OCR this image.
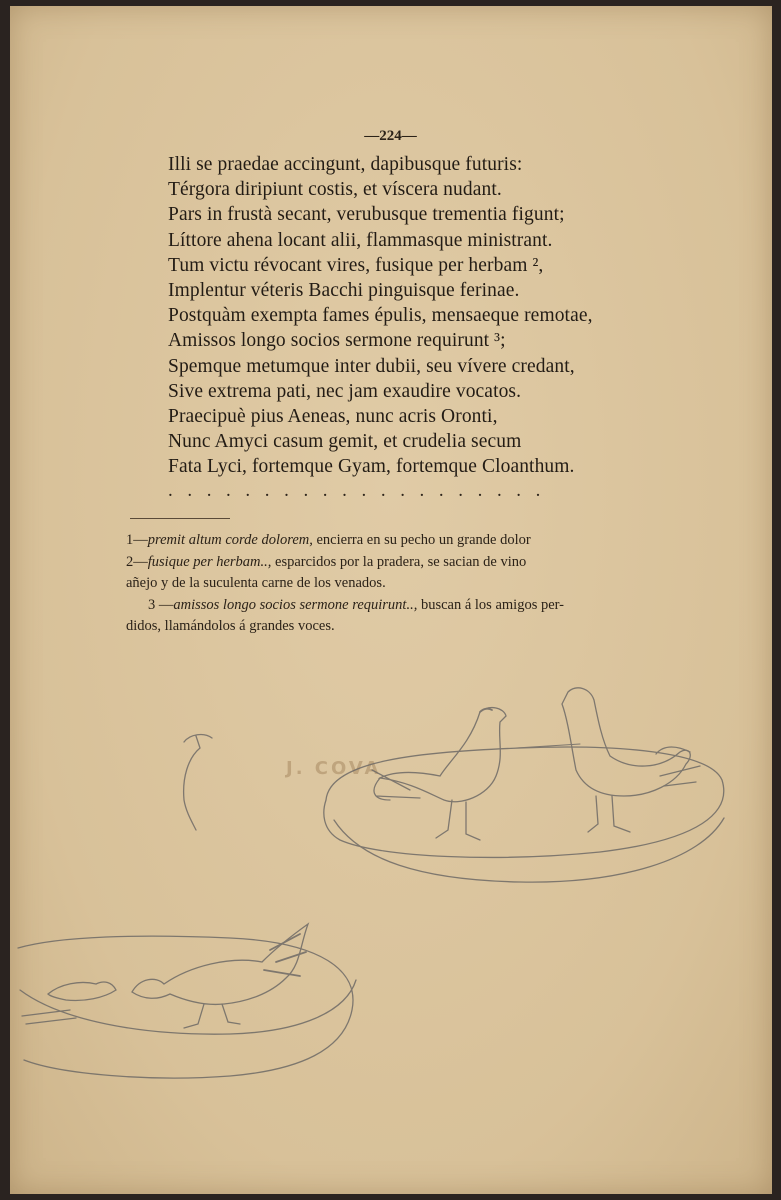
—224—
Illi se praedae accingunt, dapibusque futuris:
Térgora diripiunt costis, et víscera nudant.
Pars in frustà secant, verubusque trementia figunt;
Líttore ahena locant alii, flammasque ministrant.
Tum victu révocant vires, fusique per herbam ²,
Implentur véteris Bacchi pinguisque ferinae.
Postquàm exempta fames épulis, mensaeque remotae,
Amissos longo socios sermone requirunt ³;
Spemque metumque inter dubii, seu vívere credant,
Sive extrema pati, nec jam exaudire vocatos.
Praecipuè pius Aeneas, nunc acris Oronti,
Nunc Amyci casum gemit, et crudelia secum
Fata Lyci, fortemque Gyam, fortemque Cloanthum.
....................
1—premit altum corde dolorem, encierra en su pecho un grande dolor
2—fusique per herbam.., esparcidos por la pradera, se sacian de vino
añejo y de la suculenta carne de los venados.
3 —amissos longo socios sermone requirunt.., buscan á los amigos per-
didos, llamándolos á grandes voces.
J. COVA
